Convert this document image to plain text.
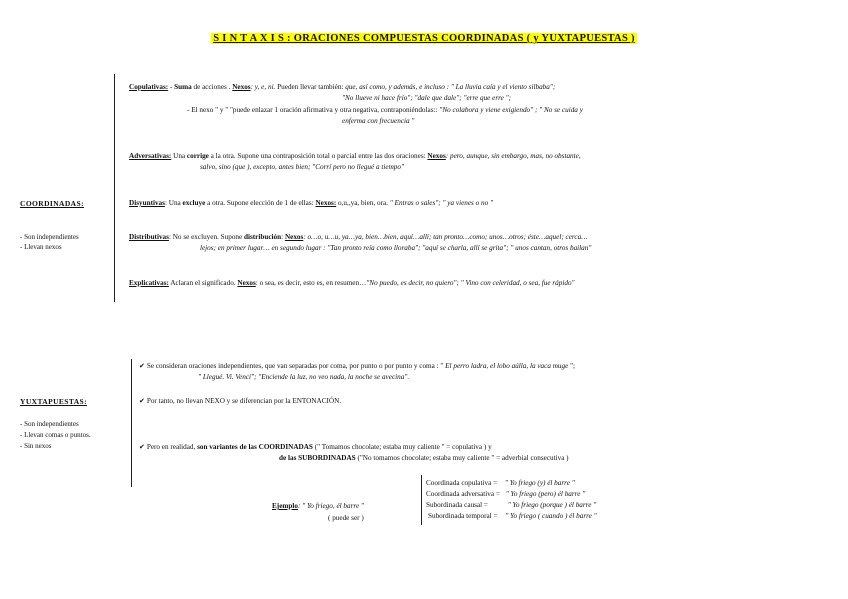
S I N T A X I S : ORACIONES COMPUESTAS COORDINADAS ( y YUXTAPUESTAS )
COORDINADAS:
- Son independientes
- Llevan nexos
Copulativas: - Suma de acciones . Nexos: y, e, ni. Pueden llevar también: que, así como, y además, e incluso : " La lluvia caía y el viento silbaba";
"No llueve ni hace frío"; "dale que dale"; "erre que erre ";
- El nexo " y " "puede enlazar 1 oración afirmativa y otra negativa, contraponiéndolas:: "No colabora y viene exigiendo" ; " No se cuida y
enferma con frecuencia "
Adversativas: Una corrige a la otra. Supone una contraposición total o parcial entre las dos oraciones: Nexos: pero, aunque, sin embargo, mas, no obstante,
salvo, sino (que ), excepto, antes bien; "Corrí pero no llegué a tiempo"
Disyuntivas: Una excluye a otra. Supone elección de 1 de ellas: Nexos: o,u,,ya, bien, ora. " Entras o sales"; " ya vienes o no "
Distributivas: No se excluyen. Supone distribución: Nexos: o…o, u…u, ya…ya, bien…bien, aquí…allí; tan pronto…como; unos…otros; éste…aquel; cerca…
lejos; en primer lugar… en segundo lugar : "Tan pronto reía como lloraba"; "aquí se charla, allí se grita"; " unos cantan, otros bailan"
Explicativas: Aclaran el significado. Nexos: o sea, es decir, esto es, en resumen…"No puedo, es decir, no quiero"; " Vino con celeridad, o sea, fue rápido"
YUXTAPUESTAS:
- Son independientes
- Llevan comas o puntos.
- Sin nexos
✔ Se consideran oraciones independientes, que van separadas por coma, por punto o por punto y coma : " El perro ladra, el lobo aúlla, la vaca muge ";
" Llegué. Vi. Vencí"; "Enciende la luz, no veo nada, la noche se avecina".
✔ Por tanto, no llevan NEXO y se diferencian por la ENTONACIÓN.
✔ Pero en realidad, son variantes de las COORDINADAS (" Tomamos chocolate; estaba muy caliente " = copulativa ) y
de las SUBORDINADAS ("No tomamos chocolate; estaba muy caliente " = adverbial consecutiva )
Ejemplo: " Yo friego, él barre "
( puede ser )
Coordinada copulativa = " Yo friego (y) él barre "
Coordinada adversativa = " Yo friego (pero) él barre "
Subordinada causal =	" Yo friego (porque ) él barre "
Subordinada temporal = " Yo friego ( cuando ) él barre "
